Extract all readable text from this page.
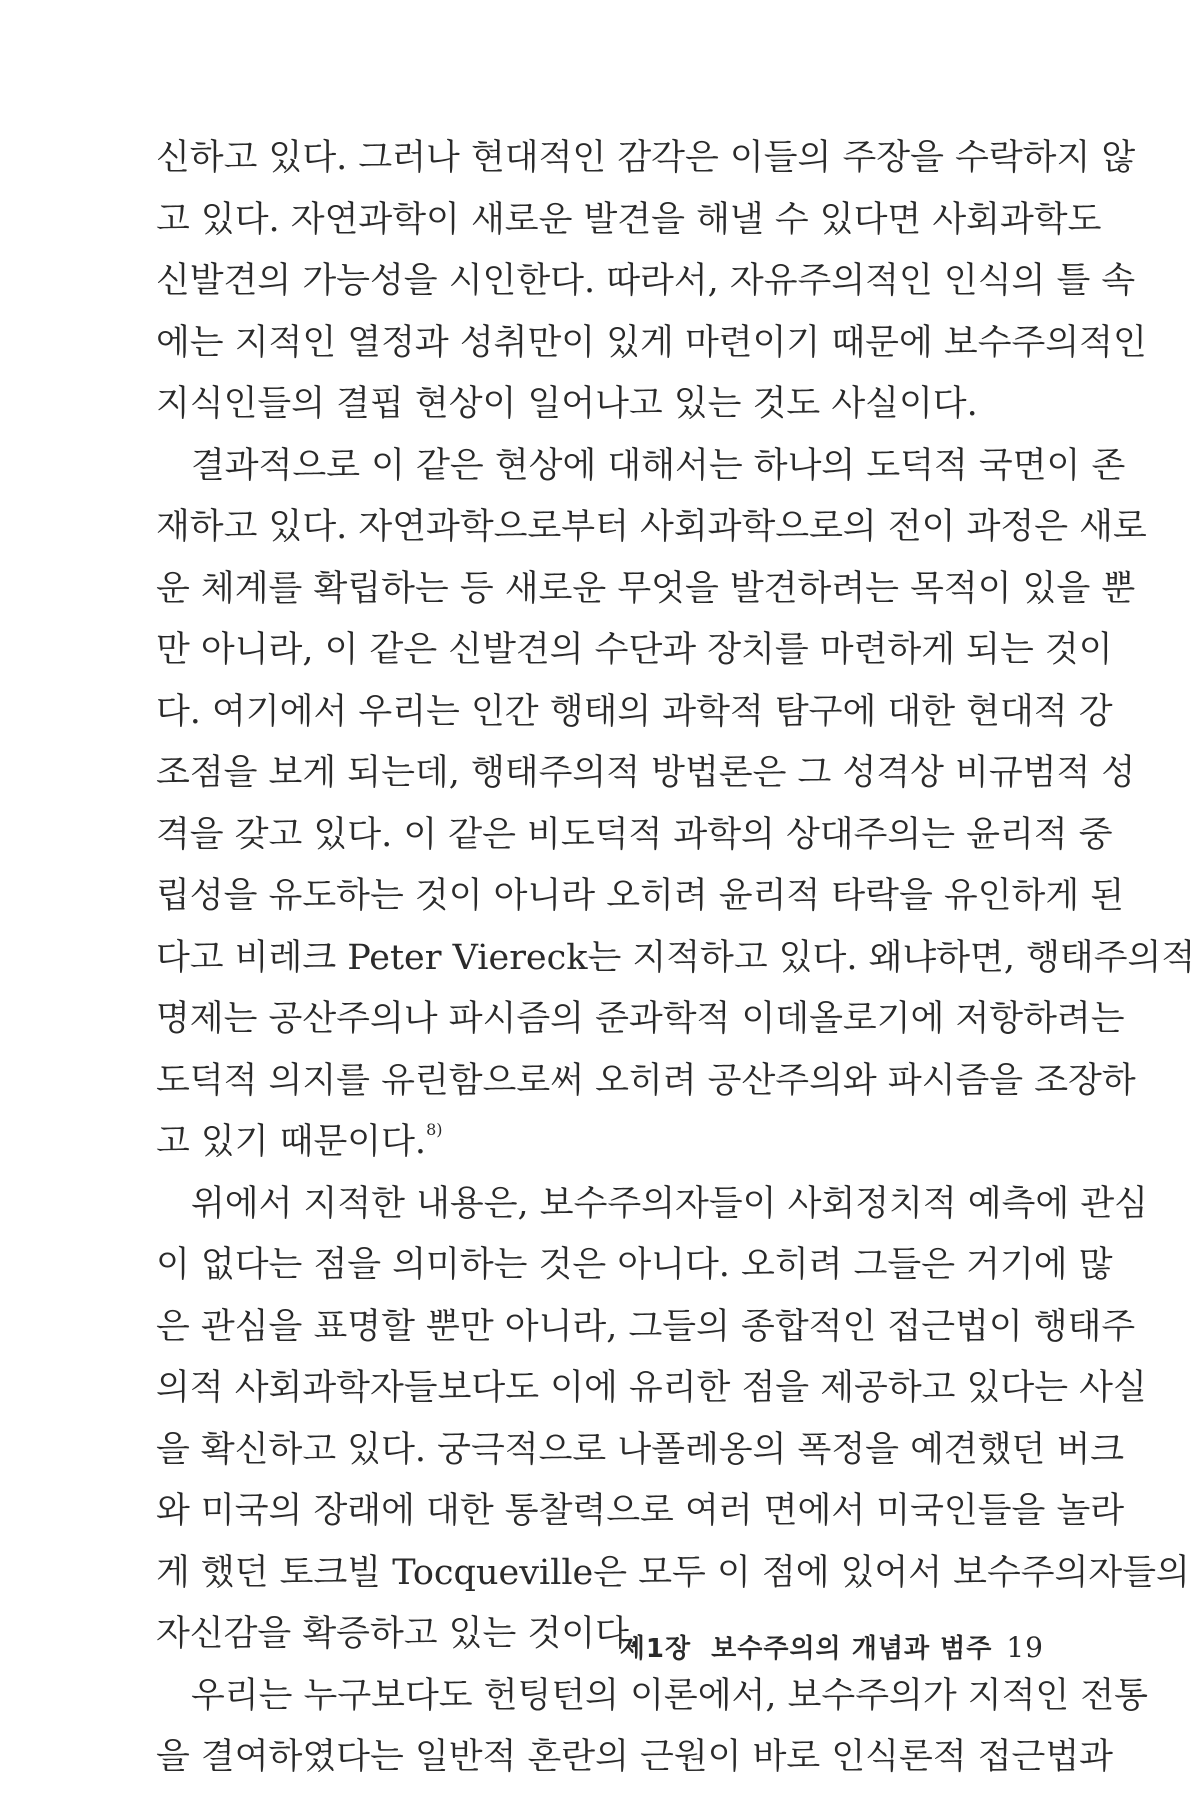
신하고 있다. 그러나 현대적인 감각은 이들의 주장을 수락하지 않
고 있다. 자연과학이 새로운 발견을 해낼 수 있다면 사회과학도
신발견의 가능성을 시인한다. 따라서, 자유주의적인 인식의 틀 속
에는 지적인 열정과 성취만이 있게 마련이기 때문에 보수주의적인
지식인들의 결핍 현상이 일어나고 있는 것도 사실이다.
결과적으로 이 같은 현상에 대해서는 하나의 도덕적 국면이 존
재하고 있다. 자연과학으로부터 사회과학으로의 전이 과정은 새로
운 체계를 확립하는 등 새로운 무엇을 발견하려는 목적이 있을 뿐
만 아니라, 이 같은 신발견의 수단과 장치를 마련하게 되는 것이
다. 여기에서 우리는 인간 행태의 과학적 탐구에 대한 현대적 강
조점을 보게 되는데, 행태주의적 방법론은 그 성격상 비규범적 성
격을 갖고 있다. 이 같은 비도덕적 과학의 상대주의는 윤리적 중
립성을 유도하는 것이 아니라 오히려 윤리적 타락을 유인하게 된
다고 비레크 Peter Viereck는 지적하고 있다. 왜냐하면, 행태주의적
명제는 공산주의나 파시즘의 준과학적 이데올로기에 저항하려는
도덕적 의지를 유린함으로써 오히려 공산주의와 파시즘을 조장하
고 있기 때문이다.$^{8)}$
위에서 지적한 내용은, 보수주의자들이 사회정치적 예측에 관심
이 없다는 점을 의미하는 것은 아니다. 오히려 그들은 거기에 많
은 관심을 표명할 뿐만 아니라, 그들의 종합적인 접근법이 행태주
의적 사회과학자들보다도 이에 유리한 점을 제공하고 있다는 사실
을 확신하고 있다. 궁극적으로 나폴레옹의 폭정을 예견했던 버크
와 미국의 장래에 대한 통찰력으로 여러 면에서 미국인들을 놀라
게 했던 토크빌 Tocqueville은 모두 이 점에 있어서 보수주의자들의
자신감을 확증하고 있는 것이다.
우리는 누구보다도 헌팅턴의 이론에서, 보수주의가 지적인 전통
을 결여하였다는 일반적 혼란의 근원이 바로 인식론적 접근법과
제1장 보수주의의 개념과 범주 19
